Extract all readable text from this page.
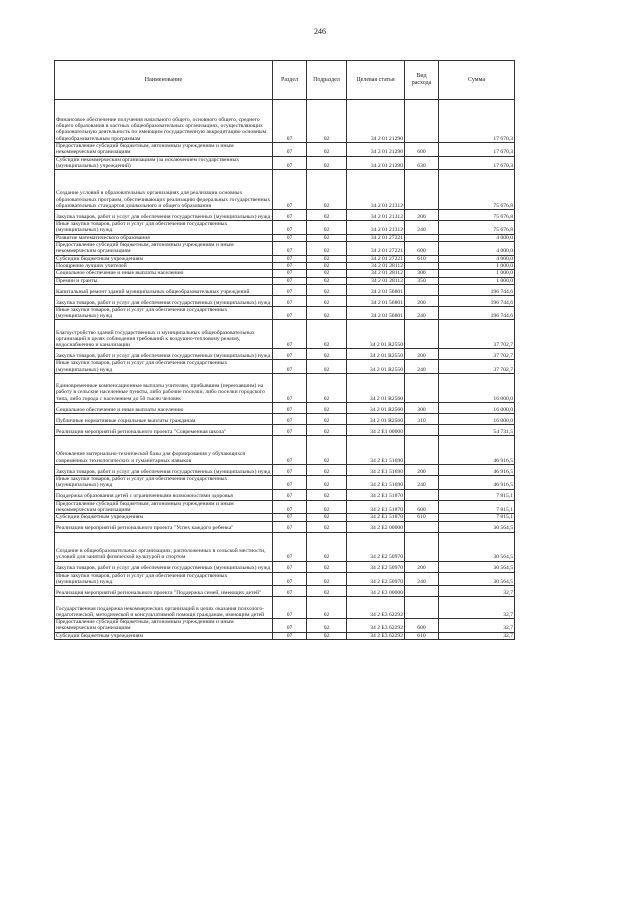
246
Наименование	Раздел	Подраздел	Целевая статья	Вид расхода	Сумма
Финансовое обеспечение получения начального общего, основного общего, среднего общего образования в частных общеобразовательных организациях, осуществляющих образовательную деятельность по имеющим государственную аккредитацию основным общеобразовательным программам	07	02	34 2 01 21290		17 670,3
Предоставление субсидий бюджетным, автономным учреждениям и иным некоммерческим организациям	07	02	34 2 01 21290	600	17 670,3
Субсидии некоммерческим организациям (за исключением государственных (муниципальных) учреждений)	07	02	34 2 01 21290	630	17 670,3
Создание условий в образовательных организациях для реализации основных образовательных программ, обеспечивающих реализацию федеральных государственных образовательных стандартов дошкольного и общего образования	07	02	34 2 01 21312		75 676,8
Закупка товаров, работ и услуг для обеспечения государственных (муниципальных) нужд	07	02	34 2 01 21312	200	75 676,8
Иные закупки товаров, работ и услуг для обеспечения государственных (муниципальных) нужд	07	02	34 2 01 21312	240	75 676,8
Развитие математического образования	07	02	34 2 01 27221		4 000,0
Предоставление субсидий бюджетным, автономным учреждениям и иным некоммерческим организациям	07	02	34 2 01 27221	600	4 000,0
Субсидии бюджетным учреждениям	07	02	34 2 01 27221	610	4 000,0
Поощрение лучших учителей	07	02	34 2 01 28112		1 000,0
Социальное обеспечение и иные выплаты населению	07	02	34 2 01 28112	300	1 000,0
Премии и гранты	07	02	34 2 01 28112	350	1 000,0
Капитальный ремонт зданий муниципальных общеобразовательных учреждений	07	02	34 2 01 56801		196 744,6
Закупка товаров, работ и услуг для обеспечения государственных (муниципальных) нужд	07	02	34 2 01 56801	200	196 744,6
Иные закупки товаров, работ и услуг для обеспечения государственных (муниципальных) нужд	07	02	34 2 01 56801	240	196 744,6
Благоустройство зданий государственных и муниципальных общеобразовательных организаций в целях соблюдения требований к воздушно-тепловому режиму, водоснабжению и канализации	07	02	34 2 01 R2550		37 702,7
Закупка товаров, работ и услуг для обеспечения государственных (муниципальных) нужд	07	02	34 2 01 R2550	200	37 702,7
Иные закупки товаров, работ и услуг для обеспечения государственных (муниципальных) нужд	07	02	34 2 01 R2550	240	37 702,7
Единовременные компенсационные выплаты учителям, прибывшим (переехавшим) на работу в сельские населенные пункты, либо рабочие поселки, либо поселки городского типа, либо города с населением до 50 тысяч человек	07	02	34 2 01 R2560		16 000,0
Социальное обеспечение и иные выплаты населению	07	02	34 2 01 R2560	300	16 000,0
Публичные нормативные социальные выплаты гражданам	07	02	34 2 01 R2560	310	16 000,0
Реализация мероприятий регионального проекта "Современная школа"	07	02	34 2 E1 00000		54 731,5
Обновление материально-технической базы для формирования у обучающихся современных технологических и гуманитарных навыков	07	02	34 2 E1 51690		46 916,5
Закупка товаров, работ и услуг для обеспечения государственных (муниципальных) нужд	07	02	34 2 E1 51690	200	46 916,5
Иные закупки товаров, работ и услуг для обеспечения государственных (муниципальных) нужд	07	02	34 2 E1 51690	240	46 916,5
Поддержка образования детей с ограниченными возможностями здоровья	07	02	34 2 E1 51870		7 815,1
Предоставление субсидий бюджетным, автономным учреждениям и иным некоммерческим организациям	07	02	34 2 E1 51870	600	7 815,1
Субсидии бюджетным учреждениям	07	02	34 2 E1 51870	610	7 815,1
Реализация мероприятий регионального проекта "Успех каждого ребенка"	07	02	34 2 E2 00000		30 564,5
Создание в общеобразовательных организациях, расположенных в сельской местности, условий для занятий физической культурой и спортом	07	02	34 2 E2 50970		30 564,5
Закупка товаров, работ и услуг для обеспечения государственных (муниципальных) нужд	07	02	34 2 E2 50970	200	30 564,5
Иные закупки товаров, работ и услуг для обеспечения государственных (муниципальных) нужд	07	02	34 2 E2 50970	240	30 564,5
Реализация мероприятий регионального проекта "Поддержка семей, имеющих детей"	07	02	34 2 E3 00000		32,7
Государственная поддержка некоммерческих организаций в целях оказания психолого-педагогической, методической и консультативной помощи гражданам, имеющим детей	07	02	34 2 E3 62292		32,7
Предоставление субсидий бюджетным, автономным учреждениям и иным некоммерческим организациям	07	02	34 2 E3 62292	600	32,7
Субсидии бюджетным учреждениям	07	02	34 2 E3 62292	610	32,7
